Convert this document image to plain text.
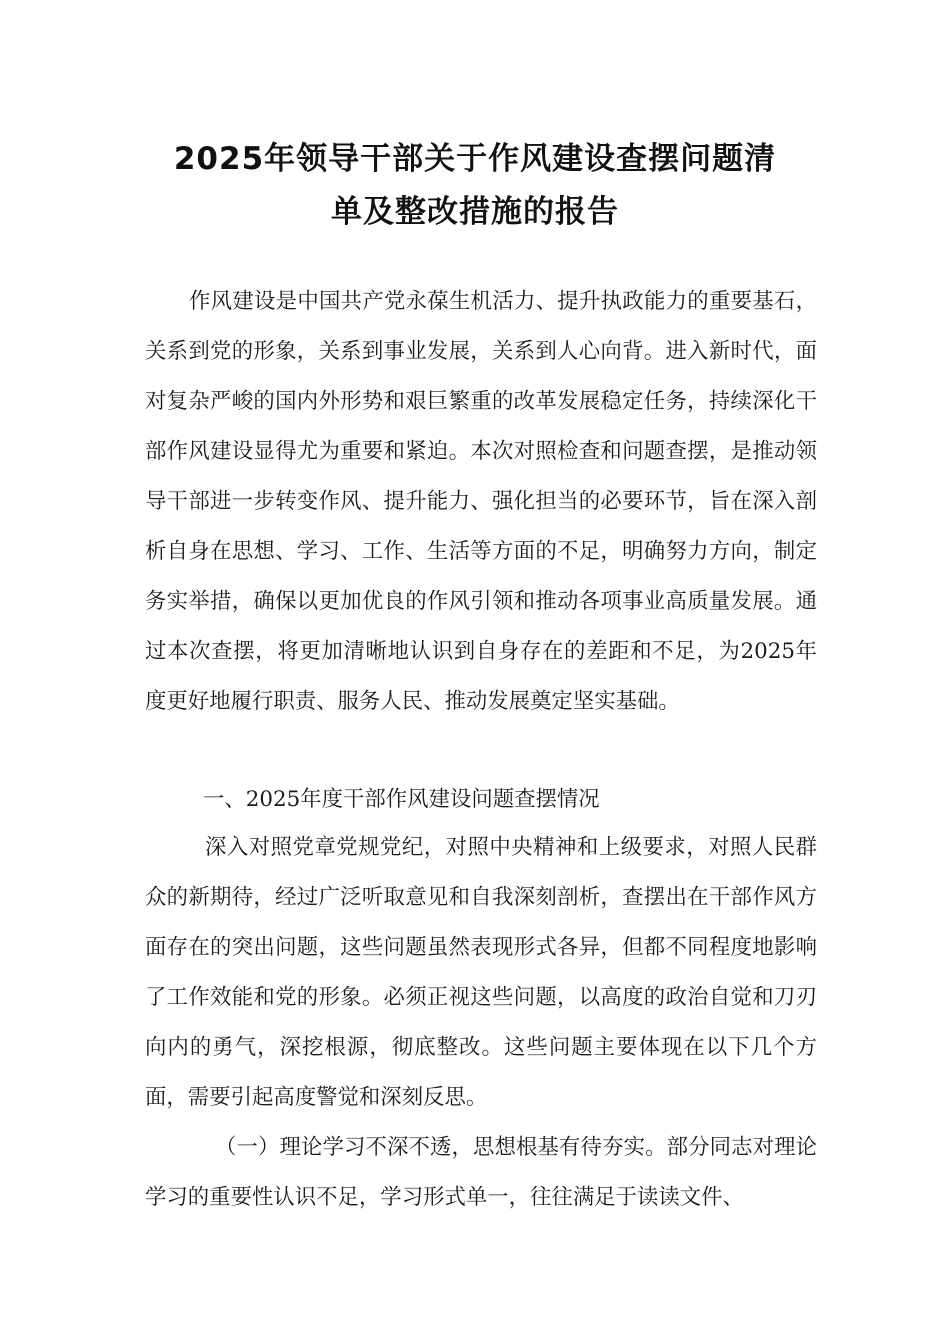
2025年领导干部关于作风建设查摆问题清
单及整改措施的报告

作风建设是中国共产党永葆生机活力、提升执政能力的重要基石，关系到党的形象，关系到事业发展，关系到人心向背。进入新时代，面对复杂严峻的国内外形势和艰巨繁重的改革发展稳定任务，持续深化干部作风建设显得尤为重要和紧迫。本次对照检查和问题查摆，是推动领导干部进一步转变作风、提升能力、强化担当的必要环节，旨在深入剖析自身在思想、学习、工作、生活等方面的不足，明确努力方向，制定务实举措，确保以更加优良的作风引领和推动各项事业高质量发展。通过本次查摆，将更加清晰地认识到自身存在的差距和不足，为2025年度更好地履行职责、服务人民、推动发展奠定坚实基础。

一、2025年度干部作风建设问题查摆情况

深入对照党章党规党纪，对照中央精神和上级要求，对照人民群众的新期待，经过广泛听取意见和自我深刻剖析，查摆出在干部作风方面存在的突出问题，这些问题虽然表现形式各异，但都不同程度地影响了工作效能和党的形象。必须正视这些问题，以高度的政治自觉和刀刃向内的勇气，深挖根源，彻底整改。这些问题主要体现在以下几个方面，需要引起高度警觉和深刻反思。

（一）理论学习不深不透，思想根基有待夯实。部分同志对理论学习的重要性认识不足，学习形式单一，往往满足于读读文件、
